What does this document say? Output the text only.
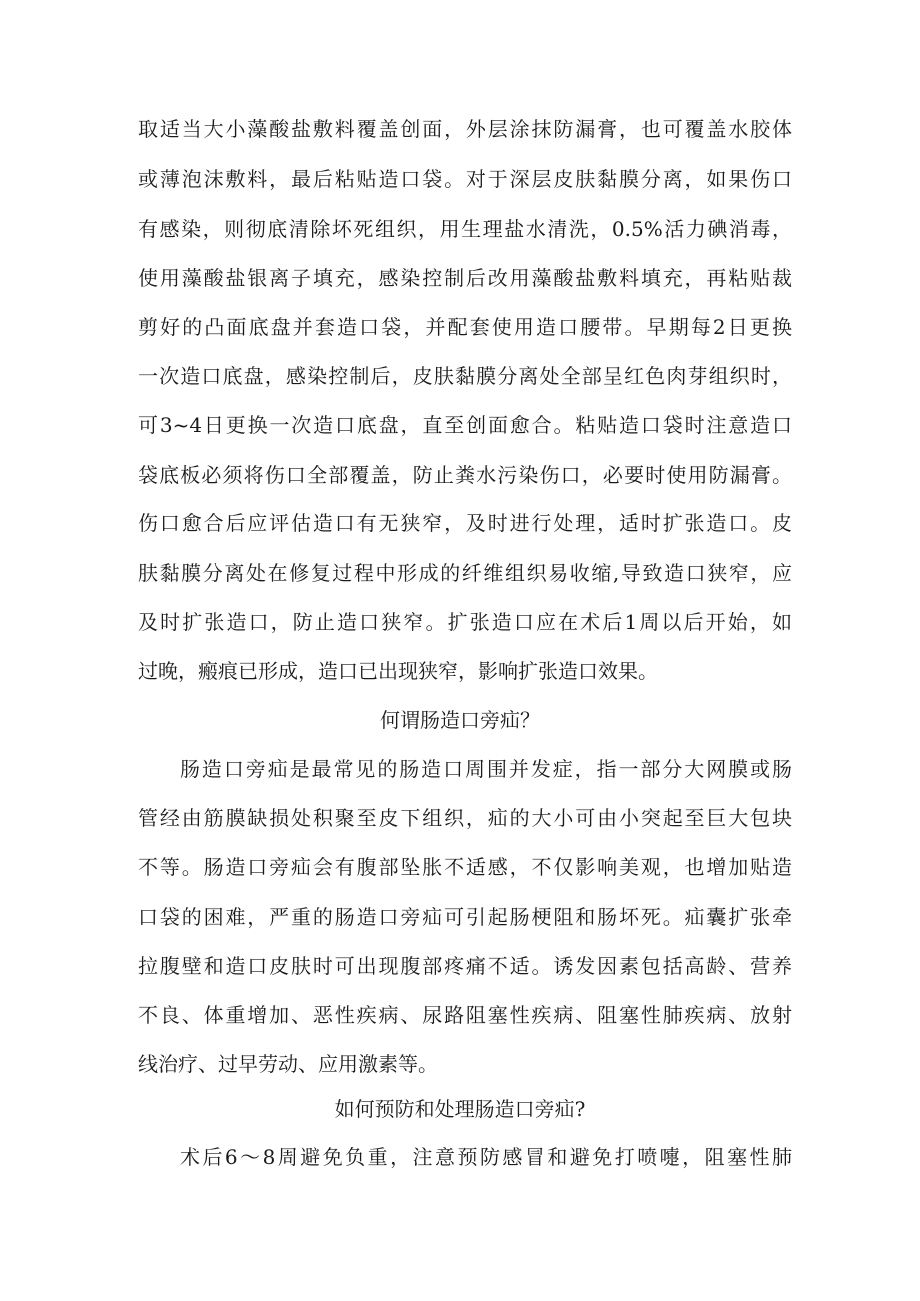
取适当大小藻酸盐敷料覆盖创面，外层涂抹防漏膏，也可覆盖水胶体
或薄泡沫敷料，最后粘贴造口袋。对于深层皮肤黏膜分离，如果伤口
有感染，则彻底清除坏死组织，用生理盐水清洗，0.5%活力碘消毒，
使用藻酸盐银离子填充，感染控制后改用藻酸盐敷料填充，再粘贴裁
剪好的凸面底盘并套造口袋，并配套使用造口腰带。早期每2日更换
一次造口底盘，感染控制后，皮肤黏膜分离处全部呈红色肉芽组织时，
可3~4日更换一次造口底盘，直至创面愈合。粘贴造口袋时注意造口
袋底板必须将伤口全部覆盖，防止粪水污染伤口，必要时使用防漏膏。
伤口愈合后应评估造口有无狭窄，及时进行处理，适时扩张造口。皮
肤黏膜分离处在修复过程中形成的纤维组织易收缩,导致造口狭窄，应
及时扩张造口，防止造口狭窄。扩张造口应在术后1周以后开始，如
过晚，瘢痕已形成，造口已出现狭窄，影响扩张造口效果。
何谓肠造口旁疝？
肠造口旁疝是最常见的肠造口周围并发症，指一部分大网膜或肠
管经由筋膜缺损处积聚至皮下组织，疝的大小可由小突起至巨大包块
不等。肠造口旁疝会有腹部坠胀不适感，不仅影响美观，也增加贴造
口袋的困难，严重的肠造口旁疝可引起肠梗阻和肠坏死。疝囊扩张牵
拉腹壁和造口皮肤时可出现腹部疼痛不适。诱发因素包括高龄、营养
不良、体重增加、恶性疾病、尿路阻塞性疾病、阻塞性肺疾病、放射
线治疗、过早劳动、应用激素等。
如何预防和处理肠造口旁疝?
术后6～8周避免负重，注意预防感冒和避免打喷嚏，阻塞性肺
